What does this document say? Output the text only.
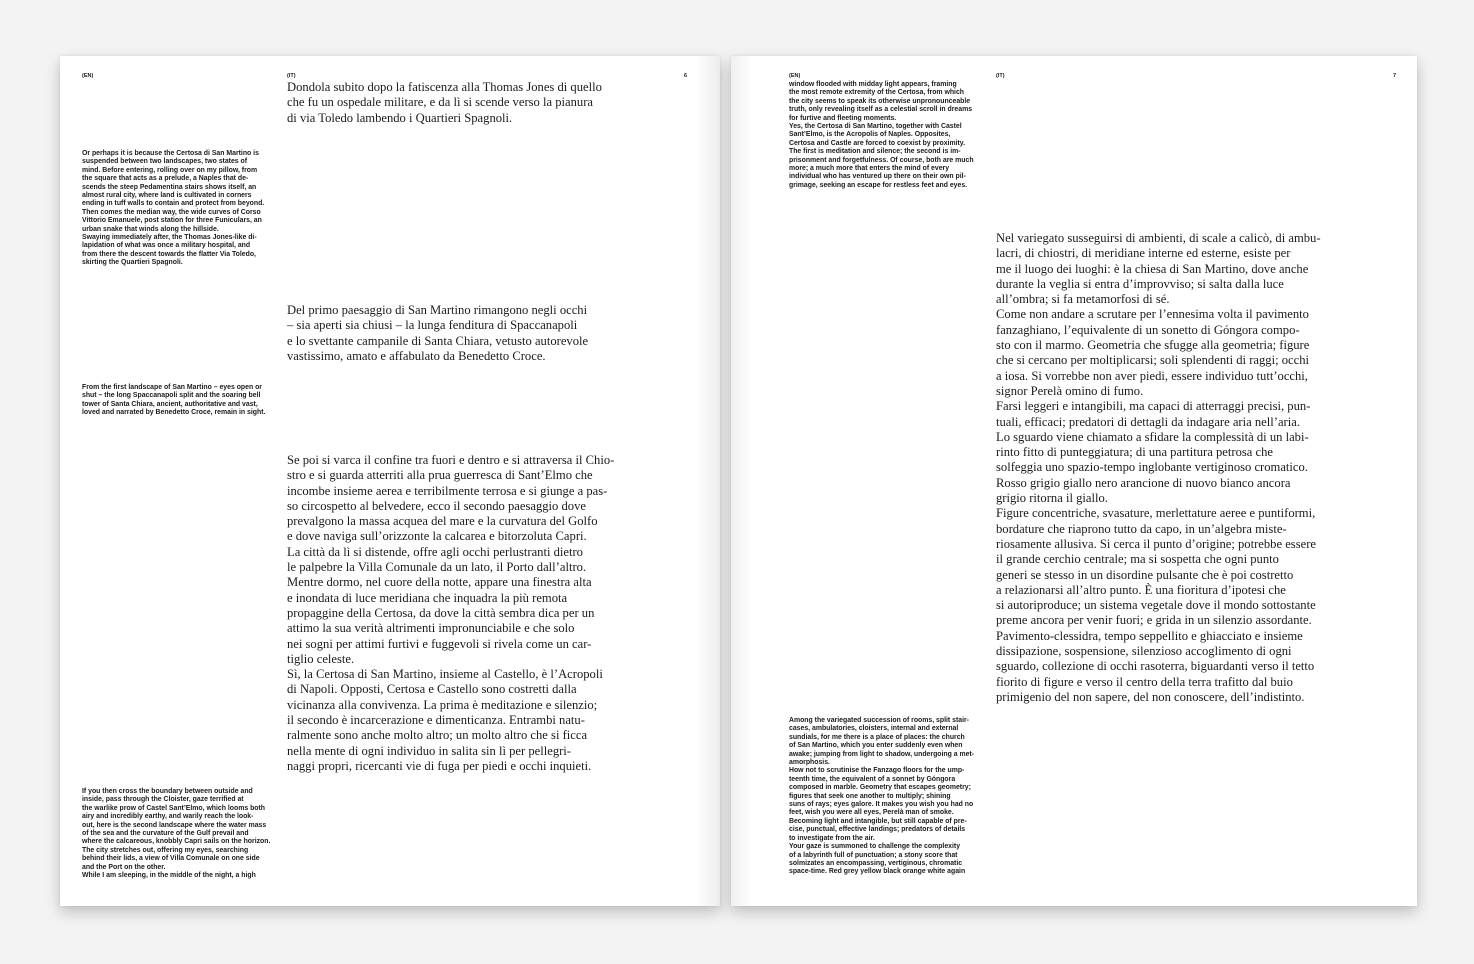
(EN)	(IT)	6

Dondola subito dopo la fatiscenza alla Thomas Jones di quello
che fu un ospedale militare, e da lì si scende verso la pianura
di via Toledo lambendo i Quartieri Spagnoli.

Del primo paesaggio di San Martino rimangono negli occhi
– sia aperti sia chiusi – la lunga fenditura di Spaccanapoli
e lo svettante campanile di Santa Chiara, vetusto autorevole
vastissimo, amato e affabulato da Benedetto Croce.

Se poi si varca il confine tra fuori e dentro e si attraversa il Chio-
stro e si guarda atterriti alla prua guerresca di Sant’Elmo che
incombe insieme aerea e terribilmente terrosa e si giunge a pas-
so circospetto al belvedere, ecco il secondo paesaggio dove
prevalgono la massa acquea del mare e la curvatura del Golfo
e dove naviga sull’orizzonte la calcarea e bitorzoluta Capri.
La città da lì si distende, offre agli occhi perlustranti dietro
le palpebre la Villa Comunale da un lato, il Porto dall’altro.
Mentre dormo, nel cuore della notte, appare una finestra alta
e inondata di luce meridiana che inquadra la più remota
propaggine della Certosa, da dove la città sembra dica per un
attimo la sua verità altrimenti impronunciabile e che solo
nei sogni per attimi furtivi e fuggevoli si rivela come un car-
tiglio celeste.
Sì, la Certosa di San Martino, insieme al Castello, è l’Acropoli
di Napoli. Opposti, Certosa e Castello sono costretti dalla
vicinanza alla convivenza. La prima è meditazione e silenzio;
il secondo è incarcerazione e dimenticanza. Entrambi natu-
ralmente sono anche molto altro; un molto altro che si ficca
nella mente di ogni individuo in salita sin lì per pellegri-
naggi propri, ricercanti vie di fuga per piedi e occhi inquieti.

Or perhaps it is because the Certosa di San Martino is
suspended between two landscapes, two states of
mind. Before entering, rolling over on my pillow, from
the square that acts as a prelude, a Naples that de-
scends the steep Pedamentina stairs shows itself, an
almost rural city, where land is cultivated in corners
ending in tuff walls to contain and protect from beyond.
Then comes the median way, the wide curves of Corso
Vittorio Emanuele, post station for three Funiculars, an
urban snake that winds along the hillside.
Swaying immediately after, the Thomas Jones-like di-
lapidation of what was once a military hospital, and
from there the descent towards the flatter Via Toledo,
skirting the Quartieri Spagnoli.

From the first landscape of San Martino – eyes open or
shut – the long Spaccanapoli split and the soaring bell
tower of Santa Chiara, ancient, authoritative and vast,
loved and narrated by Benedetto Croce, remain in sight.

If you then cross the boundary between outside and
inside, pass through the Cloister, gaze terrified at
the warlike prow of Castel Sant’Elmo, which looms both
airy and incredibly earthy, and warily reach the look-
out, here is the second landscape where the water mass
of the sea and the curvature of the Gulf prevail and
where the calcareous, knobbly Capri sails on the horizon.
The city stretches out, offering my eyes, searching
behind their lids, a view of Villa Comunale on one side
and the Port on the other.
While I am sleeping, in the middle of the night, a high

(EN)	(IT)	7

window flooded with midday light appears, framing
the most remote extremity of the Certosa, from which
the city seems to speak its otherwise unpronounceable
truth, only revealing itself as a celestial scroll in dreams
for furtive and fleeting moments.
Yes, the Certosa di San Martino, together with Castel
Sant’Elmo, is the Acropolis of Naples. Opposites,
Certosa and Castle are forced to coexist by proximity.
The first is meditation and silence; the second is im-
prisonment and forgetfulness. Of course, both are much
more; a much more that enters the mind of every
individual who has ventured up there on their own pil-
grimage, seeking an escape for restless feet and eyes.

Among the variegated succession of rooms, split stair-
cases, ambulatories, cloisters, internal and external
sundials, for me there is a place of places: the church
of San Martino, which you enter suddenly even when
awake; jumping from light to shadow, undergoing a met-
amorphosis.
How not to scrutinise the Fanzago floors for the ump-
teenth time, the equivalent of a sonnet by Góngora
composed in marble. Geometry that escapes geometry;
figures that seek one another to multiply; shining
suns of rays; eyes galore. It makes you wish you had no
feet, wish you were all eyes, Perelà man of smoke.
Becoming light and intangible, but still capable of pre-
cise, punctual, effective landings; predators of details
to investigate from the air.
Your gaze is summoned to challenge the complexity
of a labyrinth full of punctuation; a stony score that
solmizates an encompassing, vertiginous, chromatic
space-time. Red grey yellow black orange white again

Nel variegato susseguirsi di ambienti, di scale a calicò, di ambu-
lacri, di chiostri, di meridiane interne ed esterne, esiste per
me il luogo dei luoghi: è la chiesa di San Martino, dove anche
durante la veglia si entra d’improvviso; si salta dalla luce
all’ombra; si fa metamorfosi di sé.
Come non andare a scrutare per l’ennesima volta il pavimento
fanzaghiano, l’equivalente di un sonetto di Góngora compo-
sto con il marmo. Geometria che sfugge alla geometria; figure
che si cercano per moltiplicarsi; soli splendenti di raggi; occhi
a iosa. Si vorrebbe non aver piedi, essere individuo tutt’occhi,
signor Perelà omino di fumo.
Farsi leggeri e intangibili, ma capaci di atterraggi precisi, pun-
tuali, efficaci; predatori di dettagli da indagare aria nell’aria.
Lo sguardo viene chiamato a sfidare la complessità di un labi-
rinto fitto di punteggiatura; di una partitura petrosa che
solfeggia uno spazio-tempo inglobante vertiginoso cromatico.
Rosso grigio giallo nero arancione di nuovo bianco ancora
grigio ritorna il giallo.
Figure concentriche, svasature, merlettature aeree e puntiformi,
bordature che riaprono tutto da capo, in un’algebra miste-
riosamente allusiva. Si cerca il punto d’origine; potrebbe essere
il grande cerchio centrale; ma si sospetta che ogni punto
generi se stesso in un disordine pulsante che è poi costretto
a relazionarsi all’altro punto. È una fioritura d’ipotesi che
si autoriproduce; un sistema vegetale dove il mondo sottostante
preme ancora per venir fuori; e grida in un silenzio assordante.
Pavimento-clessidra, tempo seppellito e ghiacciato e insieme
dissipazione, sospensione, silenzioso accoglimento di ogni
sguardo, collezione di occhi rasoterra, biguardanti verso il tetto
fiorito di figure e verso il centro della terra trafitto dal buio
primigenio del non sapere, del non conoscere, dell’indistinto.
